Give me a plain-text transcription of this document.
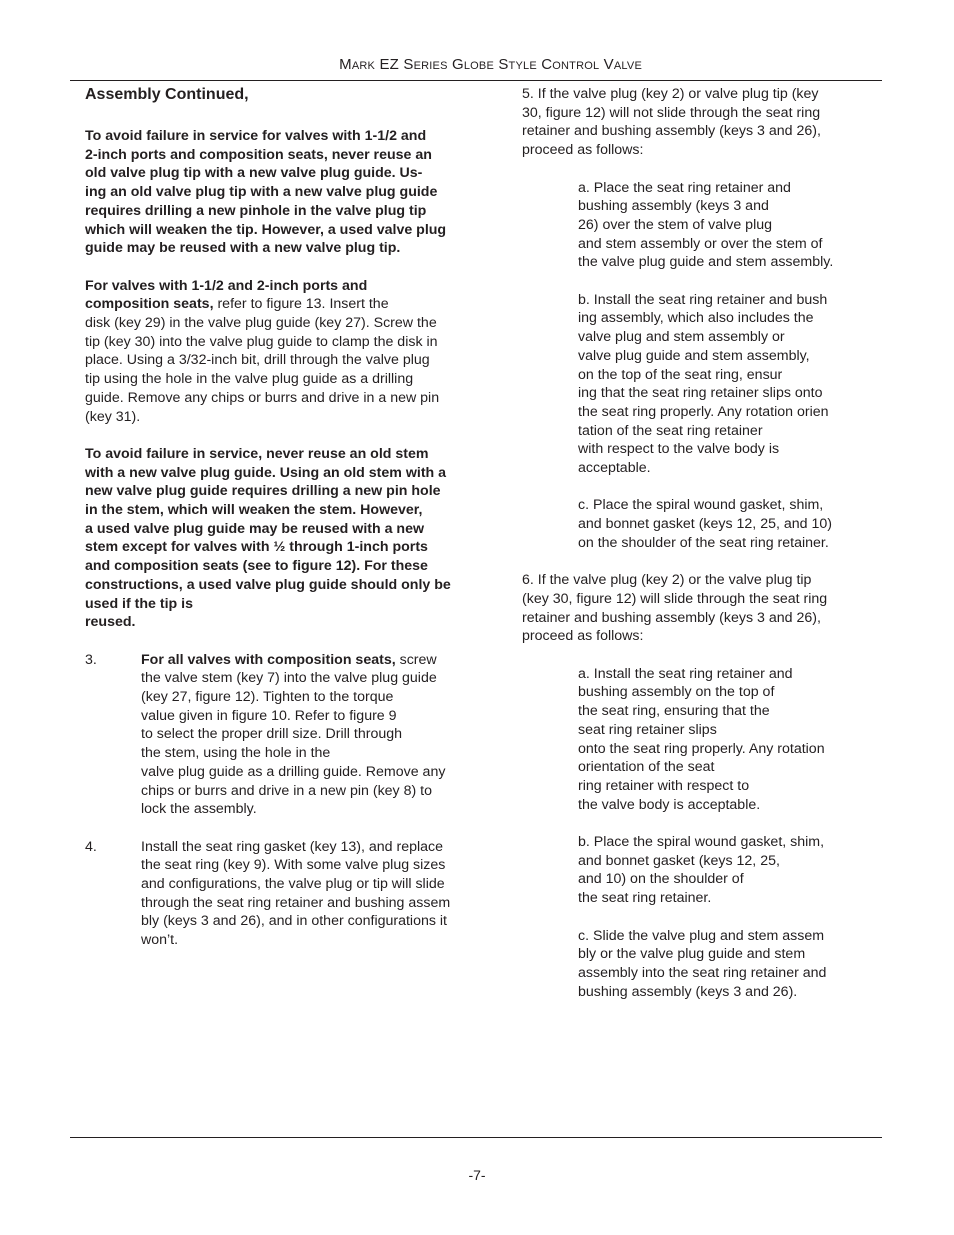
Mark EZ Series Globe Style Control Valve
Assembly Continued,
To avoid failure in service for valves with 1-1/2 and
2-inch ports and composition seats, never reuse an
old valve plug tip with a new valve plug guide. Us-
ing an old valve plug tip with a new valve plug guide
requires drilling a new pinhole in the valve plug tip
which will weaken the tip. However, a used valve plug
guide may be reused with a new valve plug tip.
For valves with 1-1/2 and 2-inch ports and
composition seats, refer to figure 13. Insert the
disk (key 29) in the valve plug guide (key 27). Screw the
tip (key 30) into the valve plug guide to clamp the disk in
place. Using a 3/32-inch bit, drill through the valve plug
tip using the hole in the valve plug guide as a drilling
guide. Remove any chips or burrs and drive in a new pin
(key 31).
To avoid failure in service, never reuse an old stem
with a new valve plug guide. Using an old stem with a
new valve plug guide requires drilling a new pin hole
in the stem, which will weaken the stem. However,
a used valve plug guide may be reused with a new
stem except for valves with ½ through 1-inch ports
and composition seats (see to figure 12). For these
constructions, a used valve plug guide should only be
used if the tip is
reused.
3.	For all valves with composition seats, screw
the valve stem (key 7) into the valve plug guide
(key 27, figure 12). Tighten to the torque
value given in figure 10. Refer to figure 9
to select the proper drill size. Drill through
the stem, using the hole in the
valve plug guide as a drilling guide. Remove any
chips or burrs and drive in a new pin (key 8) to
lock the assembly.
4.	Install the seat ring gasket (key 13), and replace
the seat ring (key 9). With some valve plug sizes
and configurations, the valve plug or tip will slide
through the seat ring retainer and bushing assem
bly (keys 3 and 26), and in other configurations it
won’t.
5. If the valve plug (key 2) or valve plug tip (key
30, figure 12) will not slide through the seat ring
retainer and bushing assembly (keys 3 and 26),
proceed as follows:
a. Place the seat ring retainer and
bushing assembly (keys 3 and
26) over the stem of valve plug
and stem assembly or over the stem of
the valve plug guide and stem assembly.
b. Install the seat ring retainer and bush
ing assembly, which also includes the
valve plug and stem assembly or
valve plug guide and stem assembly,
on the top of the seat ring, ensur
ing that the seat ring retainer slips onto
the seat ring properly. Any rotation orien
tation of the seat ring retainer
with respect to the valve body is
acceptable.
c. Place the spiral wound gasket, shim,
and bonnet gasket (keys 12, 25, and 10)
on the shoulder of the seat ring retainer.
6. If the valve plug (key 2) or the valve plug tip
(key 30, figure 12) will slide through the seat ring
retainer and bushing assembly (keys 3 and 26),
proceed as follows:
a. Install the seat ring retainer and
bushing assembly on the top of
the seat ring, ensuring that the
seat ring retainer slips
onto the seat ring properly. Any rotation
orientation of the seat
ring retainer with respect to
the valve body is acceptable.
b. Place the spiral wound gasket, shim,
and bonnet gasket (keys 12, 25,
and 10) on the shoulder of
the seat ring retainer.
c. Slide the valve plug and stem assem
bly or the valve plug guide and stem
assembly into the seat ring retainer and
bushing assembly (keys 3 and 26).
-7-
